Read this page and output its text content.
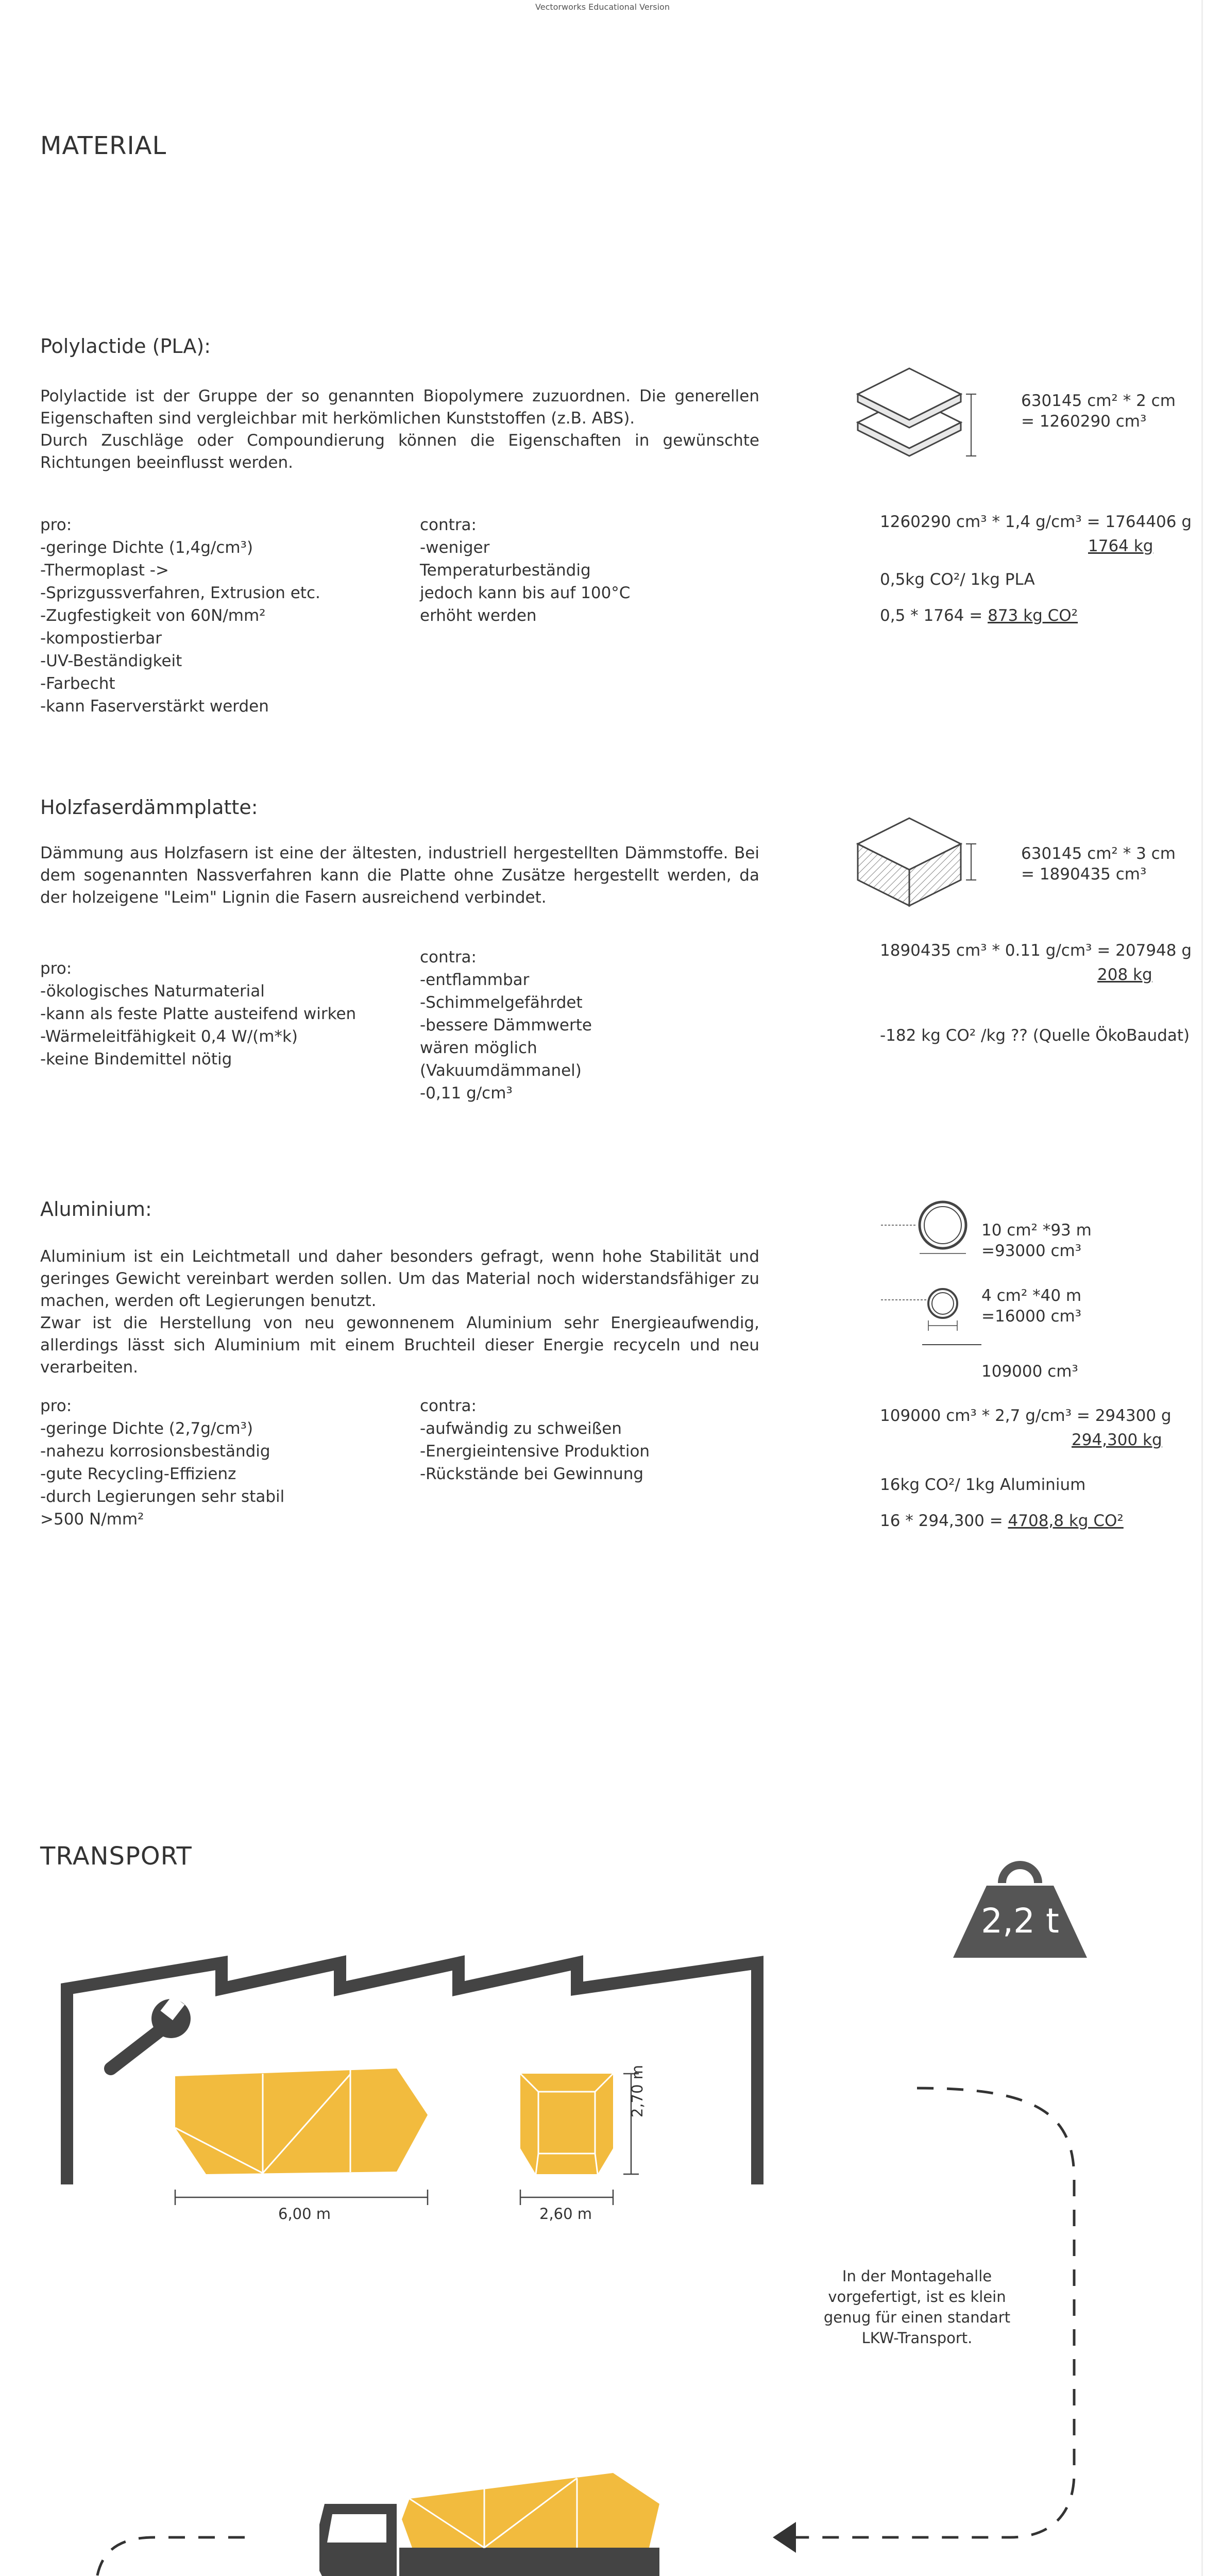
Vectorworks Educational Version
MATERIAL
Polylactide (PLA):
Polylactide ist der Gruppe der so genannten Biopolymere zuzuordnen. Die generellen Eigenschaften sind vergleichbar mit herkömlichen Kunststoffen (z.B. ABS).
Durch Zuschläge oder Compoundierung können die Eigenschaften in gewünschte Richtungen beeinflusst werden.
pro:
-geringe Dichte (1,4g/cm³)
-Thermoplast ->
-Sprizgussverfahren, Extrusion etc.
-Zugfestigkeit von 60N/mm²
-kompostierbar
-UV-Beständigkeit
-Farbecht
-kann Faserverstärkt werden
contra:
-weniger
Temperaturbeständig
jedoch kann bis auf 100°C
erhöht werden
630145 cm² * 2 cm
= 1260290 cm³
1260290 cm³ * 1,4 g/cm³ = 1764406 g
1764 kg
0,5kg CO²/ 1kg PLA
0,5 * 1764 = 873 kg CO²
Holzfaserdämmplatte:
Dämmung aus Holzfasern ist eine der ältesten, industriell hergestellten Dämmstoffe. Bei dem sogenannten Nassverfahren kann die Platte ohne Zusätze hergestellt werden, da der holzeigene "Leim" Lignin die Fasern ausreichend verbindet.
pro:
-ökologisches Naturmaterial
-kann als feste Platte austeifend wirken
-Wärmeleitfähigkeit 0,4 W/(m*k)
-keine Bindemittel nötig
contra:
-entflammbar
-Schimmelgefährdet
-bessere Dämmwerte
wären möglich
(Vakuumdämmanel)
-0,11 g/cm³
630145 cm² * 3 cm
= 1890435 cm³
1890435 cm³ * 0.11 g/cm³ = 207948 g
208 kg
-182 kg CO² /kg ?? (Quelle ÖkoBaudat)
Aluminium:
Aluminium ist ein Leichtmetall und daher besonders gefragt, wenn hohe Stabilität und geringes Gewicht vereinbart werden sollen. Um das Material noch widerstandsfähiger zu machen, werden oft Legierungen benutzt.
Zwar ist die Herstellung von neu gewonnenem Aluminium sehr Energieaufwendig, allerdings lässt sich Aluminium mit einem Bruchteil dieser Energie recyceln und neu verarbeiten.
pro:
-geringe Dichte (2,7g/cm³)
-nahezu korrosionsbeständig
-gute Recycling-Effizienz
-durch Legierungen sehr stabil
>500 N/mm²
contra:
-aufwändig zu schweißen
-Energieintensive Produktion
-Rückstände bei Gewinnung
10 cm² *93 m
=93000 cm³
4 cm² *40 m
=16000 cm³
109000 cm³
109000 cm³ * 2,7 g/cm³ = 294300 g
294,300 kg
16kg CO²/ 1kg Aluminium
16 * 294,300 = 4708,8 kg CO²
TRANSPORT
2,2 t
6,00 m	2,60 m
2,70 m
In der Montagehalle
vorgefertigt, ist es klein
genug für einen standart
LKW-Transport.
